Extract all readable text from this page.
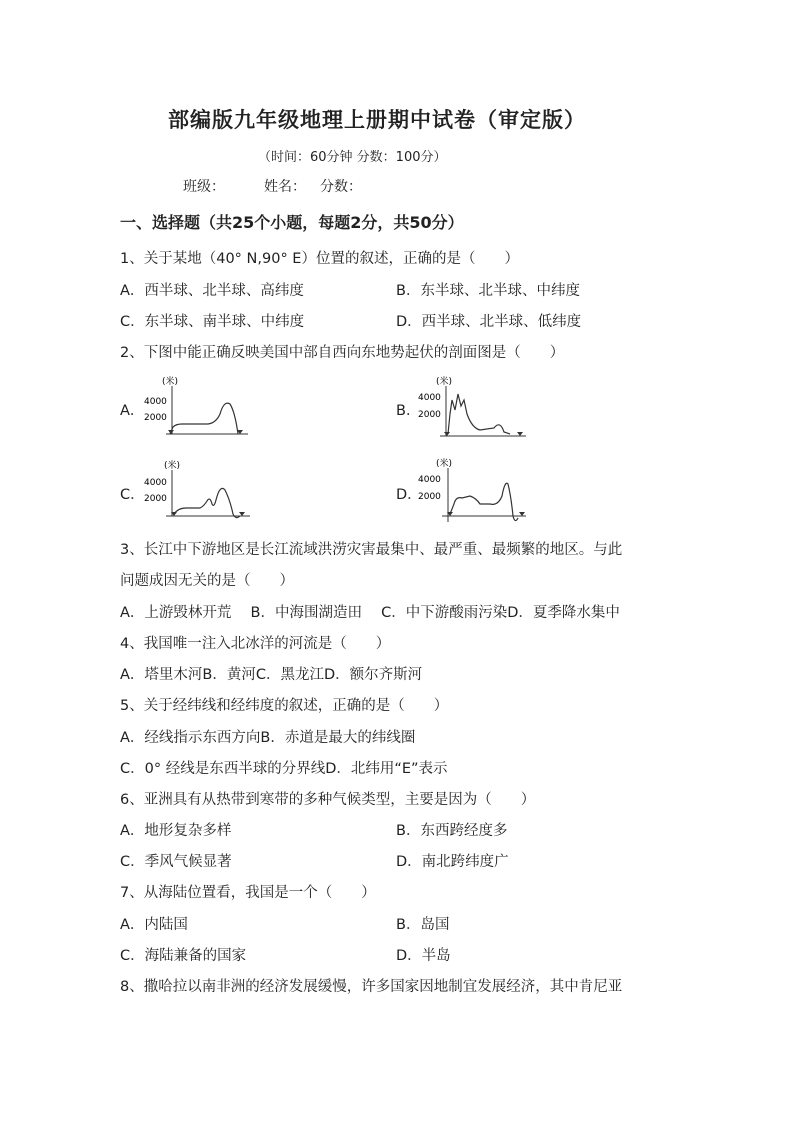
部编版九年级地理上册期中试卷（审定版）
（时间：60分钟 分数：100分）
班级：	姓名： 分数：
一、选择题（共25个小题，每题2分，共50分）
1、关于某地（40° N,90° E）位置的叙述，正确的是（　　）
A．西半球、北半球、高纬度	B．东半球、北半球、中纬度
C．东半球、南半球、中纬度	D．西半球、北半球、低纬度
2、下图中能正确反映美国中部自西向东地势起伏的剖面图是（　　）
A．	B．
C．	D．
(米)
4000
2000
(米)
4000
2000
(米)
4000
2000
(米)
4000
2000
3、长江中下游地区是长江流域洪涝灾害最集中、最严重、最频繁的地区。与此
问题成因无关的是（　　）
A．上游毁林开荒　 B．中海围湖造田　 C．中下游酸雨污染D．夏季降水集中
4、我国唯一注入北冰洋的河流是（　　）
A．塔里木河B．黄河C．黑龙江D．额尔齐斯河
5、关于经纬线和经纬度的叙述，正确的是（　　）
A．经线指示东西方向B．赤道是最大的纬线圈
C．0° 经线是东西半球的分界线D．北纬用“E”表示
6、亚洲具有从热带到寒带的多种气候类型，主要是因为（　　）
A．地形复杂多样	B．东西跨经度多
C．季风气候显著	D．南北跨纬度广
7、从海陆位置看，我国是一个（　　）
A．内陆国	B．岛国
C．海陆兼备的国家	D．半岛
8、撒哈拉以南非洲的经济发展缓慢，许多国家因地制宜发展经济，其中肯尼亚
